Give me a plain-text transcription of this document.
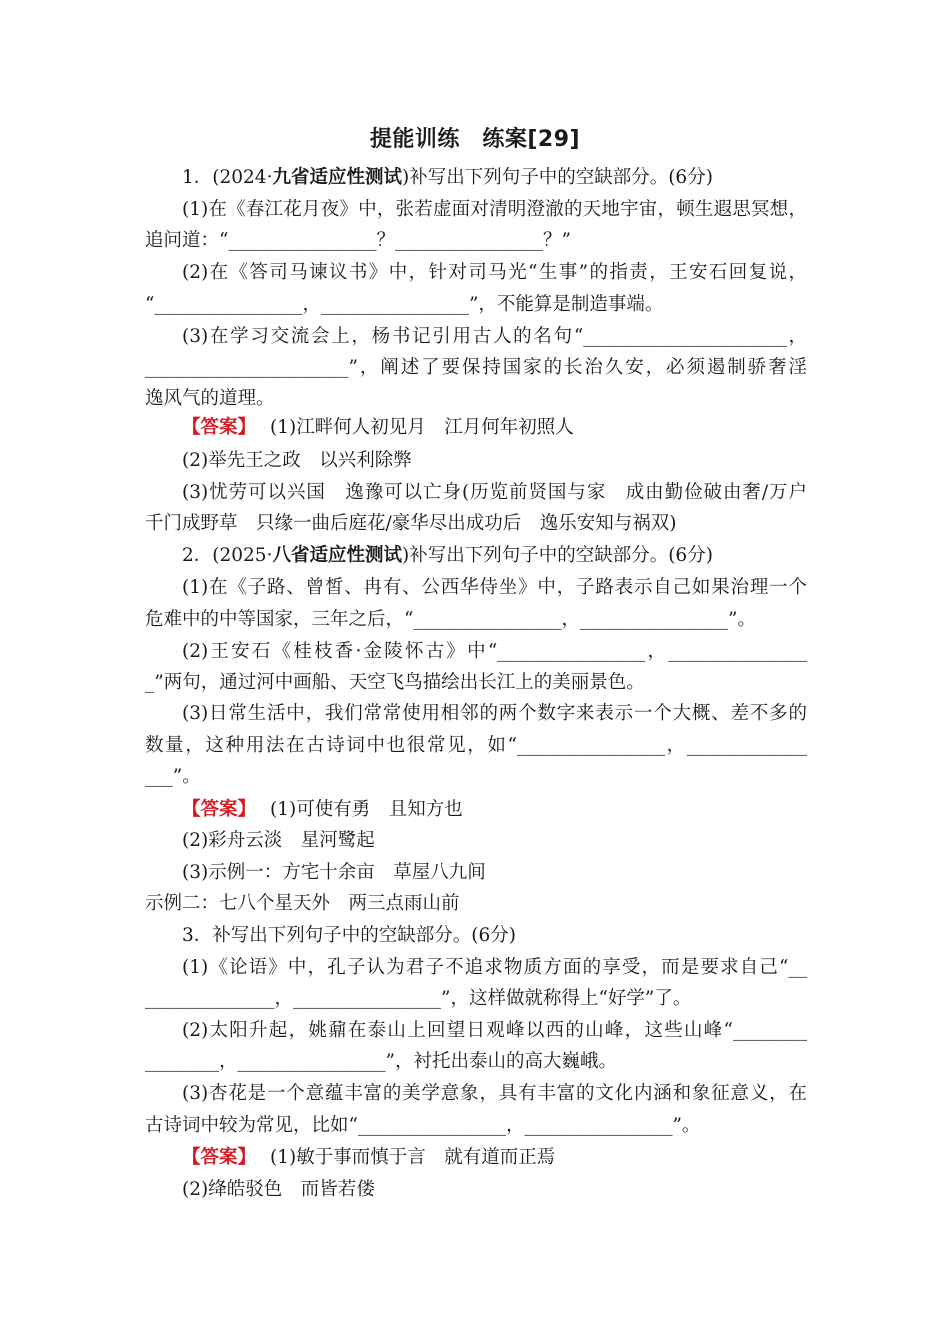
提能训练　练案[29]
1．(2024·九省适应性测试)补写出下列句子中的空缺部分。(6分)
(1)在《春江花月夜》中，张若虚面对清明澄澈的天地宇宙，顿生遐思冥想，
追问道：“________________？________________？”
(2)在《答司马谏议书》中，针对司马光“生事”的指责，王安石回复说，
“________________，________________”，不能算是制造事端。
(3)在学习交流会上，杨书记引用古人的名句“______________________，
______________________”，阐述了要保持国家的长治久安，必须遏制骄奢淫
逸风气的道理。
【答案】 (1)江畔何人初见月　江月何年初照人
(2)举先王之政　以兴利除弊
(3)忧劳可以兴国　逸豫可以亡身(历览前贤国与家　成由勤俭破由奢/万户
千门成野草　只缘一曲后庭花/豪华尽出成功后　逸乐安知与祸双)
2．(2025·八省适应性测试)补写出下列句子中的空缺部分。(6分)
(1)在《子路、曾皙、冉有、公西华侍坐》中，子路表示自己如果治理一个
危难中的中等国家，三年之后，“________________，________________”。
(2)王安石《桂枝香·金陵怀古》中“________________，_______________
_”两句，通过河中画船、天空飞鸟描绘出长江上的美丽景色。
(3)日常生活中，我们常常使用相邻的两个数字来表示一个大概、差不多的
数量，这种用法在古诗词中也很常见，如“________________，_____________
___”。
【答案】 (1)可使有勇　且知方也
(2)彩舟云淡　星河鹭起
(3)示例一：方宅十余亩　草屋八九间
示例二：七八个星天外　两三点雨山前
3．补写出下列句子中的空缺部分。(6分)
(1)《论语》中，孔子认为君子不追求物质方面的享受，而是要求自己“__
______________，________________”，这样做就称得上“好学”了。
(2)太阳升起，姚鼐在泰山上回望日观峰以西的山峰，这些山峰“________
________，________________”，衬托出泰山的高大巍峨。
(3)杏花是一个意蕴丰富的美学意象，具有丰富的文化内涵和象征意义，在
古诗词中较为常见，比如“________________，________________”。
【答案】 (1)敏于事而慎于言　就有道而正焉
(2)绛皓驳色　而皆若偻
